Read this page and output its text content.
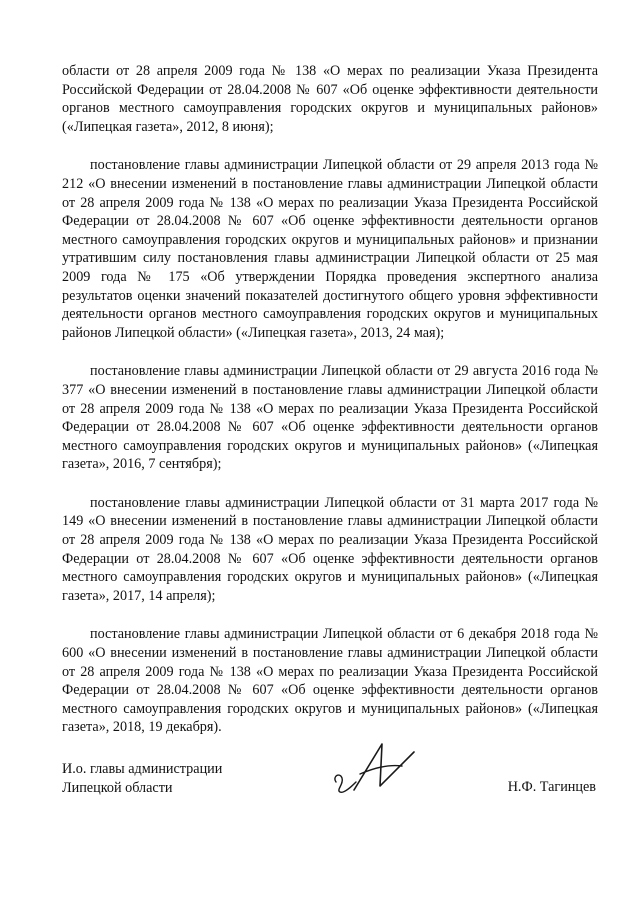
области от 28 апреля 2009 года № 138 «О мерах по реализации Указа Президента Российской Федерации от 28.04.2008 № 607 «Об оценке эффективности деятельности органов местного самоуправления городских округов и муниципальных районов» («Липецкая газета», 2012, 8 июня);

постановление главы администрации Липецкой области от 29 апреля 2013 года № 212 «О внесении изменений в постановление главы администрации Липецкой области от 28 апреля 2009 года № 138 «О мерах по реализации Указа Президента Российской Федерации от 28.04.2008 № 607 «Об оценке эффективности деятельности органов местного самоуправления городских округов и муниципальных районов» и признании утратившим силу постановления главы администрации Липецкой области от 25 мая 2009 года № 175 «Об утверждении Порядка проведения экспертного анализа результатов оценки значений показателей достигнутого общего уровня эффективности деятельности органов местного самоуправления городских округов и муниципальных районов Липецкой области» («Липецкая газета», 2013, 24 мая);

постановление главы администрации Липецкой области от 29 августа 2016 года № 377 «О внесении изменений в постановление главы администрации Липецкой области от 28 апреля 2009 года № 138 «О мерах по реализации Указа Президента Российской Федерации от 28.04.2008 № 607 «Об оценке эффективности деятельности органов местного самоуправления городских округов и муниципальных районов» («Липецкая газета», 2016, 7 сентября);

постановление главы администрации Липецкой области от 31 марта 2017 года № 149 «О внесении изменений в постановление главы администрации Липецкой области от 28 апреля 2009 года № 138 «О мерах по реализации Указа Президента Российской Федерации от 28.04.2008 № 607 «Об оценке эффективности деятельности органов местного самоуправления городских округов и муниципальных районов» («Липецкая газета», 2017, 14 апреля);

постановление главы администрации Липецкой области от 6 декабря 2018 года № 600 «О внесении изменений в постановление главы администрации Липецкой области от 28 апреля 2009 года № 138 «О мерах по реализации Указа Президента Российской Федерации от 28.04.2008 № 607 «Об оценке эффективности деятельности органов местного самоуправления городских округов и муниципальных районов» («Липецкая газета», 2018, 19 декабря).

И.о. главы администрации
Липецкой области	Н.Ф. Тагинцев
